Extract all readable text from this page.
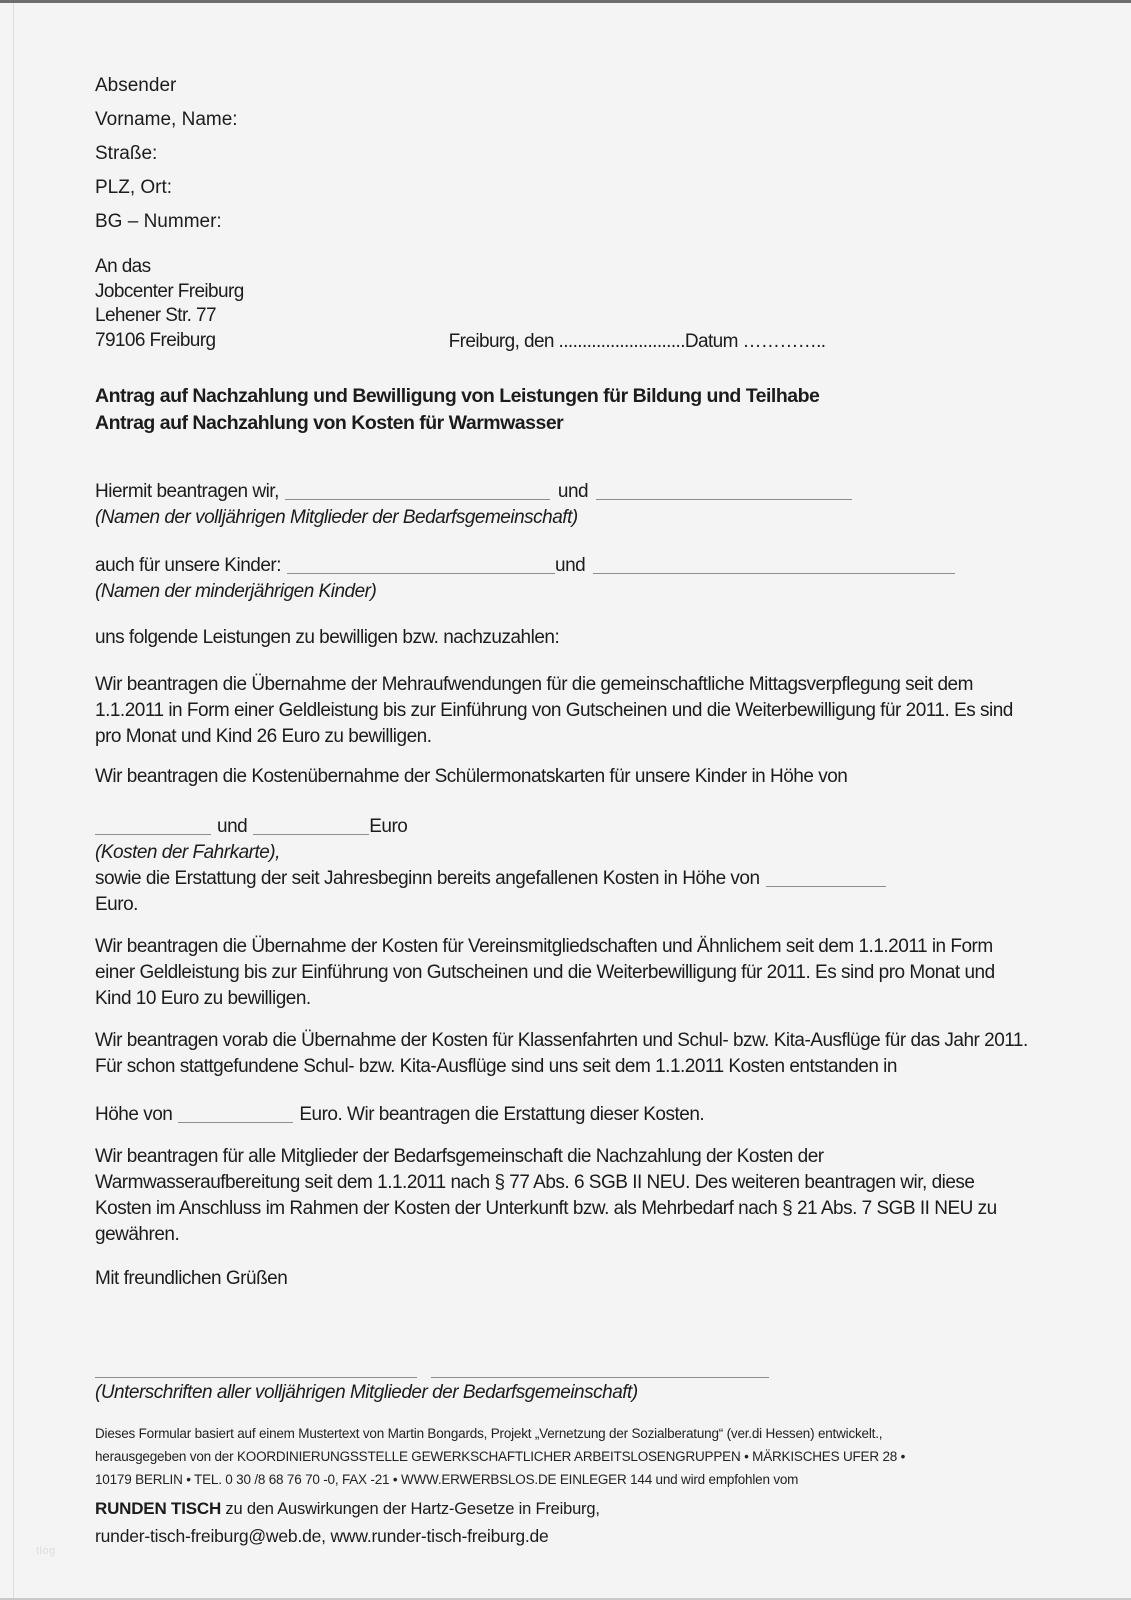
Absender
Vorname, Name:
Straße:
PLZ, Ort:
BG – Nummer:
An das
Jobcenter Freiburg
Lehener Str. 77
79106 Freiburg	Freiburg, den ...........................Datum …………..
Antrag auf Nachzahlung und Bewilligung von Leistungen für Bildung und Teilhabe
Antrag auf Nachzahlung von Kosten für Warmwasser
Hiermit beantragen wir,	und
(Namen der volljährigen Mitglieder der Bedarfsgemeinschaft)
auch für unsere Kinder:	und
(Namen der minderjährigen Kinder)
uns folgende Leistungen zu bewilligen bzw. nachzuzahlen:
Wir beantragen die Übernahme der Mehraufwendungen für die gemeinschaftliche Mittagsverpflegung seit dem 1.1.2011 in Form einer Geldleistung bis zur Einführung von Gutscheinen und die Weiterbewilligung für 2011. Es sind pro Monat und Kind 26 Euro zu bewilligen.
Wir beantragen die Kostenübernahme der Schülermonatskarten für unsere Kinder in Höhe von
und	Euro
(Kosten der Fahrkarte),
sowie die Erstattung der seit Jahresbeginn bereits angefallenen Kosten in Höhe von
Euro.
Wir beantragen die Übernahme der Kosten für Vereinsmitgliedschaften und Ähnlichem seit dem 1.1.2011 in Form einer Geldleistung bis zur Einführung von Gutscheinen und die Weiterbewilligung für 2011. Es sind pro Monat und Kind 10 Euro zu bewilligen.
Wir beantragen vorab die Übernahme der Kosten für Klassenfahrten und Schul- bzw. Kita-Ausflüge für das Jahr 2011.
Für schon stattgefundene Schul- bzw. Kita-Ausflüge sind uns seit dem 1.1.2011 Kosten entstanden in
Höhe von	Euro. Wir beantragen die Erstattung dieser Kosten.
Wir beantragen für alle Mitglieder der Bedarfsgemeinschaft die Nachzahlung der Kosten der Warmwasseraufbereitung seit dem 1.1.2011 nach § 77 Abs. 6 SGB II NEU. Des weiteren beantragen wir, diese Kosten im Anschluss im Rahmen der Kosten der Unterkunft bzw. als Mehrbedarf nach § 21 Abs. 7 SGB II NEU zu gewähren.
Mit freundlichen Grüßen
(Unterschriften aller volljährigen Mitglieder der Bedarfsgemeinschaft)
Dieses Formular basiert auf einem Mustertext von Martin Bongards, Projekt „Vernetzung der Sozialberatung“ (ver.di Hessen) entwickelt.,
herausgegeben von der KOORDINIERUNGSSTELLE GEWERKSCHAFTLICHER ARBEITSLOSENGRUPPEN • MÄRKISCHES UFER 28 •
10179 BERLIN • TEL. 0 30 /8 68 76 70 -0, FAX -21 • WWW.ERWERBSLOS.DE EINLEGER 144 und wird empfohlen vom
RUNDEN TISCH zu den Auswirkungen der Hartz-Gesetze in Freiburg,
runder-tisch-freiburg@web.de, www.runder-tisch-freiburg.de
tlog
